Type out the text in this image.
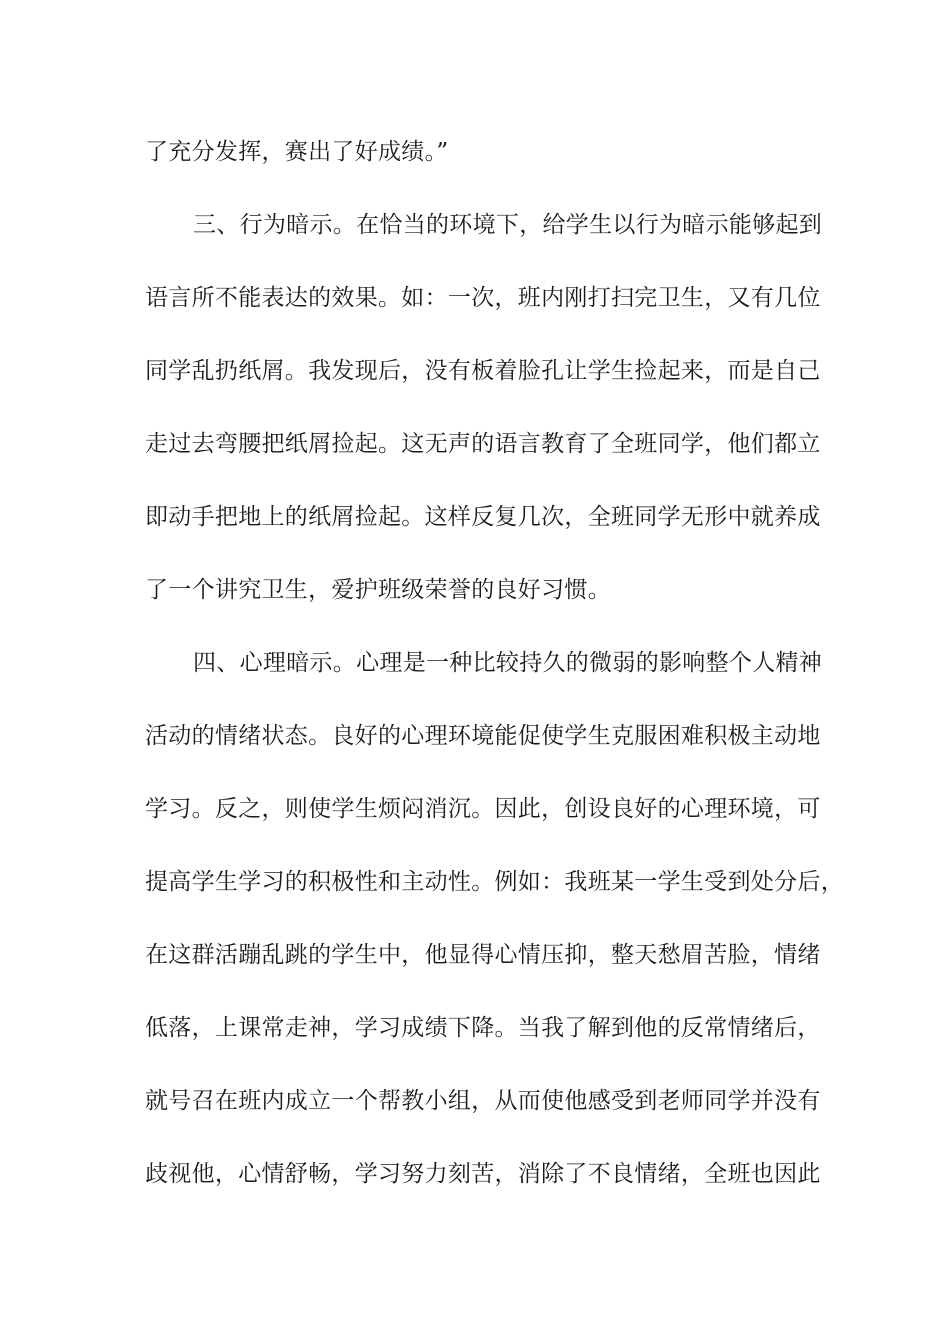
了充分发挥，赛出了好成绩。”
三、行为暗示。在恰当的环境下，给学生以行为暗示能够起到
语言所不能表达的效果。如：一次，班内刚打扫完卫生，又有几位
同学乱扔纸屑。我发现后，没有板着脸孔让学生捡起来，而是自己
走过去弯腰把纸屑捡起。这无声的语言教育了全班同学，他们都立
即动手把地上的纸屑捡起。这样反复几次，全班同学无形中就养成
了一个讲究卫生，爱护班级荣誉的良好习惯。
四、心理暗示。心理是一种比较持久的微弱的影响整个人精神
活动的情绪状态。良好的心理环境能促使学生克服困难积极主动地
学习。反之，则使学生烦闷消沉。因此，创设良好的心理环境，可
提高学生学习的积极性和主动性。例如：我班某一学生受到处分后，
在这群活蹦乱跳的学生中，他显得心情压抑，整天愁眉苦脸，情绪
低落，上课常走神，学习成绩下降。当我了解到他的反常情绪后，
就号召在班内成立一个帮教小组，从而使他感受到老师同学并没有
歧视他，心情舒畅，学习努力刻苦，消除了不良情绪，全班也因此
